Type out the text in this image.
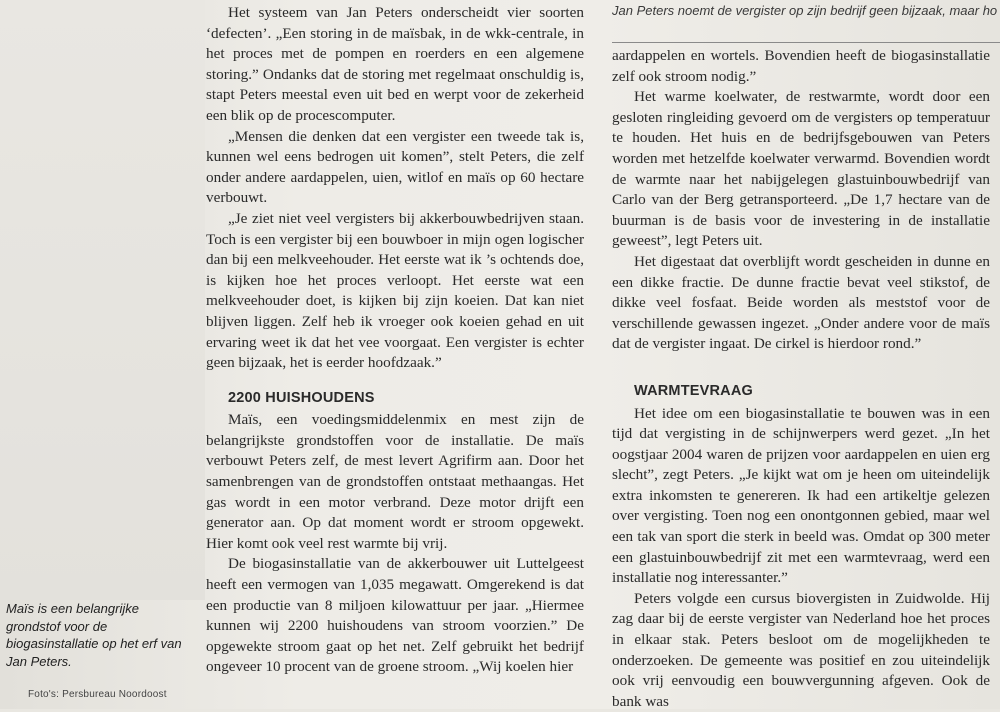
Jan Peters noemt de vergister op zijn bedrijf geen bijzaak, maar ho

Het systeem van Jan Peters onderscheidt vier soorten ‘defecten’. „Een storing in de maïsbak, in de wkk-centrale, in het proces met de pompen en roerders en een algemene storing.” Ondanks dat de storing met regelmaat onschuldig is, stapt Peters meestal even uit bed en werpt voor de zekerheid een blik op de procescomputer.

„Mensen die denken dat een vergister een tweede tak is, kunnen wel eens bedrogen uit komen”, stelt Peters, die zelf onder andere aardappelen, uien, witlof en maïs op 60 hectare verbouwt.

„Je ziet niet veel vergisters bij akkerbouwbedrijven staan. Toch is een vergister bij een bouwboer in mijn ogen logischer dan bij een melkveehouder. Het eerste wat ik ’s ochtends doe, is kijken hoe het proces verloopt. Het eerste wat een melkveehouder doet, is kijken bij zijn koeien. Dat kan niet blijven liggen. Zelf heb ik vroeger ook koeien gehad en uit ervaring weet ik dat het vee voorgaat. Een vergister is echter geen bijzaak, het is eerder hoofdzaak.”

2200 HUISHOUDENS

Maïs, een voedingsmiddelenmix en mest zijn de belangrijkste grondstoffen voor de installatie. De maïs verbouwt Peters zelf, de mest levert Agrifirm aan. Door het samenbrengen van de grondstoffen ontstaat methaangas. Het gas wordt in een motor verbrand. Deze motor drijft een generator aan. Op dat moment wordt er stroom opgewekt. Hier komt ook veel rest warmte bij vrij.

De biogasinstallatie van de akkerbouwer uit Luttelgeest heeft een vermogen van 1,035 megawatt. Omgerekend is dat een productie van 8 miljoen kilowattuur per jaar. „Hiermee kunnen wij 2200 huishoudens van stroom voorzien.” De opgewekte stroom gaat op het net. Zelf gebruikt het bedrijf ongeveer 10 procent van de groene stroom. „Wij koelen hier

aardappelen en wortels. Bovendien heeft de biogasinstallatie zelf ook stroom nodig.”

Het warme koelwater, de restwarmte, wordt door een gesloten ringleiding gevoerd om de vergisters op temperatuur te houden. Het huis en de bedrijfsgebouwen van Peters worden met hetzelfde koelwater verwarmd. Bovendien wordt de warmte naar het nabijgelegen glastuinbouwbedrijf van Carlo van der Berg getransporteerd. „De 1,7 hectare van de buurman is de basis voor de investering in de installatie geweest”, legt Peters uit.

Het digestaat dat overblijft wordt gescheiden in dunne en een dikke fractie. De dunne fractie bevat veel stikstof, de dikke veel fosfaat. Beide worden als meststof voor de verschillende gewassen ingezet. „Onder andere voor de maïs dat de vergister ingaat. De cirkel is hierdoor rond.”

WARMTEVRAAG

Het idee om een biogasinstallatie te bouwen was in een tijd dat vergisting in de schijnwerpers werd gezet. „In het oogstjaar 2004 waren de prijzen voor aardappelen en uien erg slecht”, zegt Peters. „Je kijkt wat om je heen om uiteindelijk extra inkomsten te genereren. Ik had een artikeltje gelezen over vergisting. Toen nog een onontgonnen gebied, maar wel een tak van sport die sterk in beeld was. Omdat op 300 meter een glastuinbouwbedrijf zit met een warmtevraag, werd een installatie nog interessanter.”

Peters volgde een cursus biovergisten in Zuidwolde. Hij zag daar bij de eerste vergister van Nederland hoe het proces in elkaar stak. Peters besloot om de mogelijkheden te onderzoeken. De gemeente was positief en zou uiteindelijk ook vrij eenvoudig een bouwvergunning afgeven. Ook de bank was

Maïs is een belangrijke grondstof voor de biogasinstallatie op het erf van Jan Peters.
Foto's: Persbureau Noordoost
